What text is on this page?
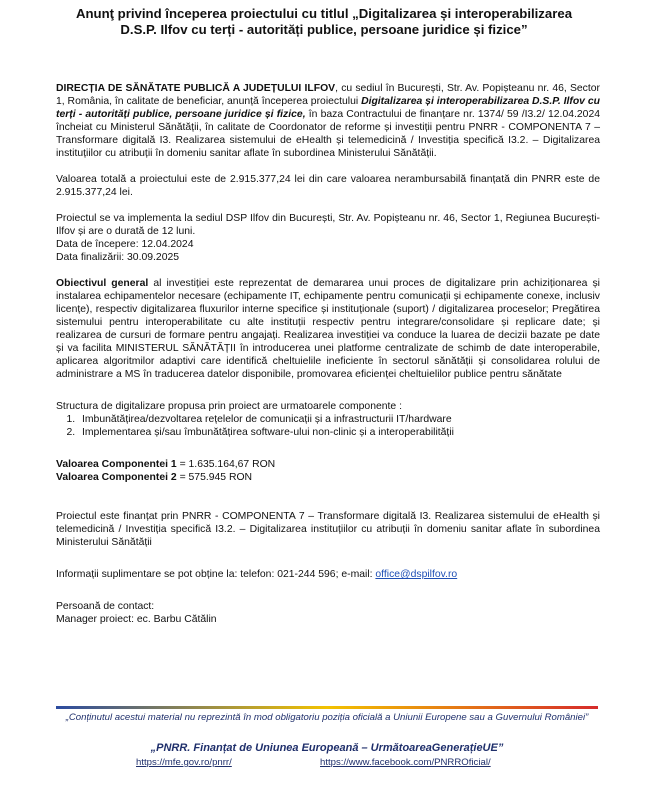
Anunţ privind începerea proiectului cu titlul „Digitalizarea și interoperabilizarea
D.S.P. Ilfov cu terți - autorități publice, persoane juridice și fizice”

DIRECȚIA DE SĂNĂTATE PUBLICĂ A JUDEȚULUI ILFOV, cu sediul în București, Str. Av. Popișteanu nr. 46, Sector 1, România, în calitate de beneficiar, anunță începerea proiectului Digitalizarea și interoperabilizarea D.S.P. Ilfov cu terți - autorități publice, persoane juridice și fizice, în baza Contractului de finanțare nr. 1374/ 59 /I3.2/ 12.04.2024 încheiat cu Ministerul Sănătății, în calitate de Coordonator de reforme și investiții pentru PNRR - COMPONENTA 7 – Transformare digitală I3. Realizarea sistemului de eHealth și telemedicină / Investiția specifică I3.2. – Digitalizarea instituțiilor cu atribuții în domeniu sanitar aflate în subordinea Ministerului Sănătății.

Valoarea totală a proiectului este de 2.915.377,24 lei din care valoarea nerambursabilă finanțată din PNRR este de 2.915.377,24 lei.

Proiectul se va implementa la sediul DSP Ilfov din București, Str. Av. Popișteanu nr. 46, Sector 1, Regiunea București-Ilfov și are o durată de 12 luni.

Data de începere: 12.04.2024

Data finalizării: 30.09.2025

Obiectivul general al investiției este reprezentat de demararea unui proces de digitalizare prin achiziționarea și instalarea echipamentelor necesare (echipamente IT, echipamente pentru comunicații și echipamente conexe, inclusiv licențe), respectiv digitalizarea fluxurilor interne specifice și instituționale (suport) / digitalizarea proceselor; Pregătirea sistemului pentru interoperabilitate cu alte instituții respectiv pentru integrare/consolidare și replicare date; și realizarea de cursuri de formare pentru angajați. Realizarea investiției va conduce la luarea de decizii bazate pe date și va facilita MINISTERUL SĂNĂTĂȚII în introducerea unei platforme centralizate de schimb de date interoperabile, aplicarea algoritmilor adaptivi care identifică cheltuielile ineficiente în sectorul sănătății și consolidarea rolului de administrare a MS în traducerea datelor disponibile, promovarea eficienței cheltuielilor publice pentru sănătate

Structura de digitalizare propusa prin proiect are urmatoarele componente :

1. Imbunătățirea/dezvoltarea rețelelor de comunicații și a infrastructurii IT/hardware
2. Implementarea și/sau îmbunătățirea software-ului non-clinic și a interoperabilității

Valoarea Componentei 1 = 1.635.164,67 RON

Valoarea Componentei 2 = 575.945 RON

Proiectul este finanțat prin PNRR - COMPONENTA 7 – Transformare digitală I3. Realizarea sistemului de eHealth și telemedicină / Investiția specifică I3.2. – Digitalizarea instituțiilor cu atribuții în domeniu sanitar aflate în subordinea Ministerului Sănătății

Informații suplimentare se pot obține la: telefon: 021-244 596; e-mail: office@dspilfov.ro

Persoană de contact:

Manager proiect: ec. Barbu Cătălin

„Conținutul acestui material nu reprezintă în mod obligatoriu poziția oficială a Uniunii Europene sau a Guvernului României”
„PNRR. Finanțat de Uniunea Europeană – UrmătoareaGenerațieUE”
https://mfe.gov.ro/pnrr/	https://www.facebook.com/PNRROficial/
